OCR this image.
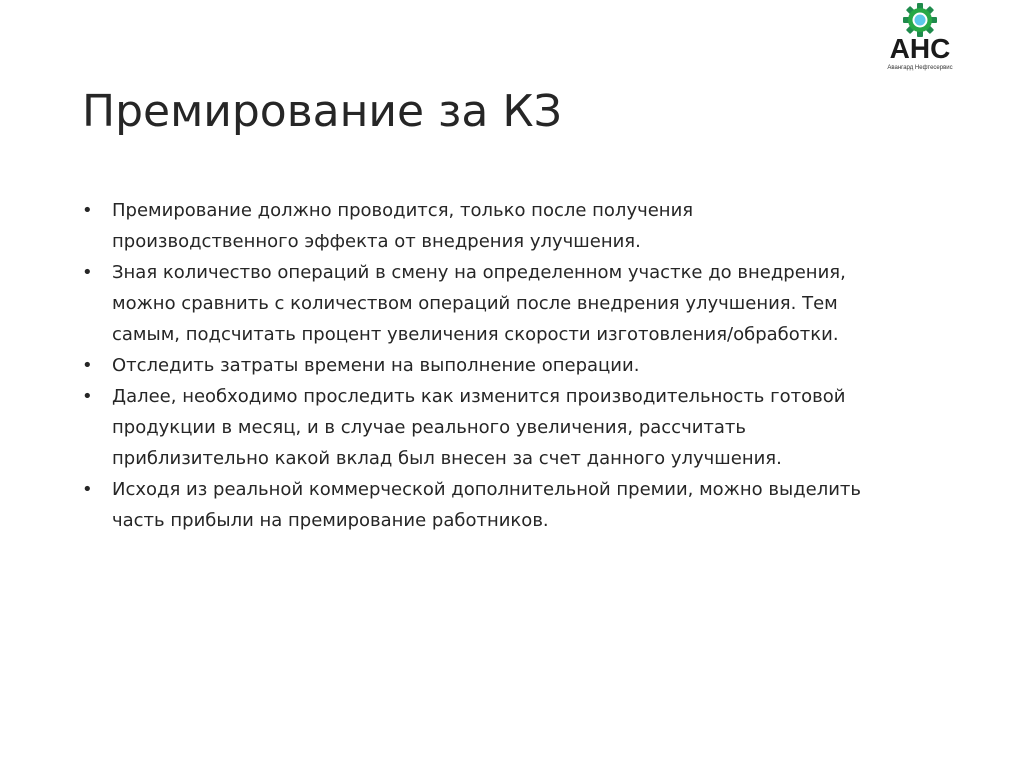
АНС
Авангард Нефтесервис
Премирование за КЗ
•	Премирование должно проводится, только после получения производственного эффекта от внедрения улучшения.
•	Зная количество операций в смену на определенном участке до внедрения, можно сравнить с количеством операций после внедрения улучшения. Тем самым, подсчитать процент увеличения скорости изготовления/обработки.
•	Отследить затраты времени на выполнение операции.
•	Далее, необходимо проследить как изменится производительность готовой продукции в месяц, и в случае реального увеличения, рассчитать приблизительно какой вклад был внесен за счет данного улучшения.
•	Исходя из реальной коммерческой дополнительной премии, можно выделить часть прибыли на премирование работников.
